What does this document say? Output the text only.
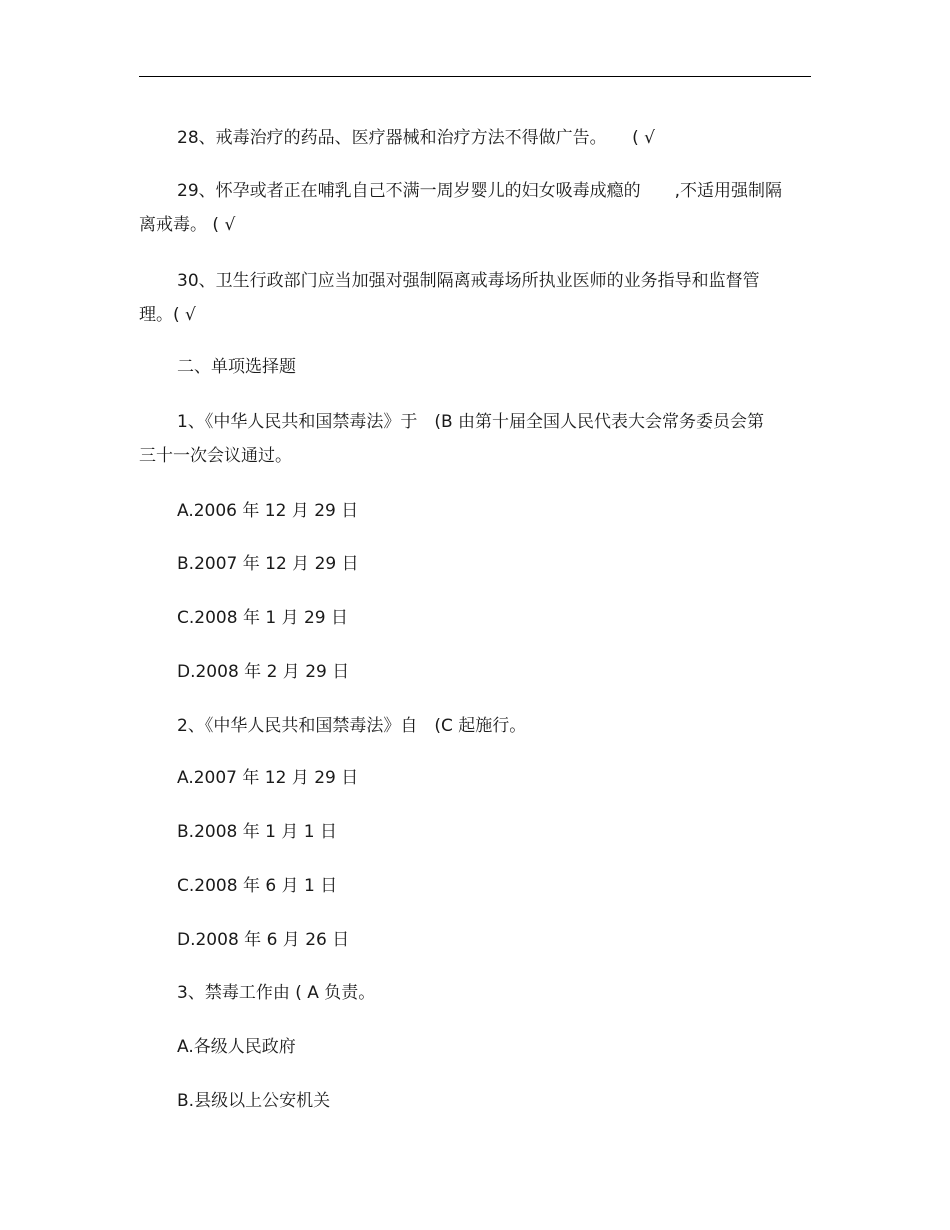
28、戒毒治疗的药品、医疗器械和治疗方法不得做广告。　　( √
29、怀孕或者正在哺乳自己不满一周岁婴儿的妇女吸毒成瘾的　　,不适用强制隔
离戒毒。 ( √
30、卫生行政部门应当加强对强制隔离戒毒场所执业医师的业务指导和监督管
理。( √
二、单项选择题
1、《中华人民共和国禁毒法》于　(B 由第十届全国人民代表大会常务委员会第
三十一次会议通过。
A.2006 年 12 月 29 日
B.2007 年 12 月 29 日
C.2008 年 1 月 29 日
D.2008 年 2 月 29 日
2、《中华人民共和国禁毒法》自　(C 起施行。
A.2007 年 12 月 29 日
B.2008 年 1 月 1 日
C.2008 年 6 月 1 日
D.2008 年 6 月 26 日
3、禁毒工作由 ( A 负责。
A.各级人民政府
B.县级以上公安机关
